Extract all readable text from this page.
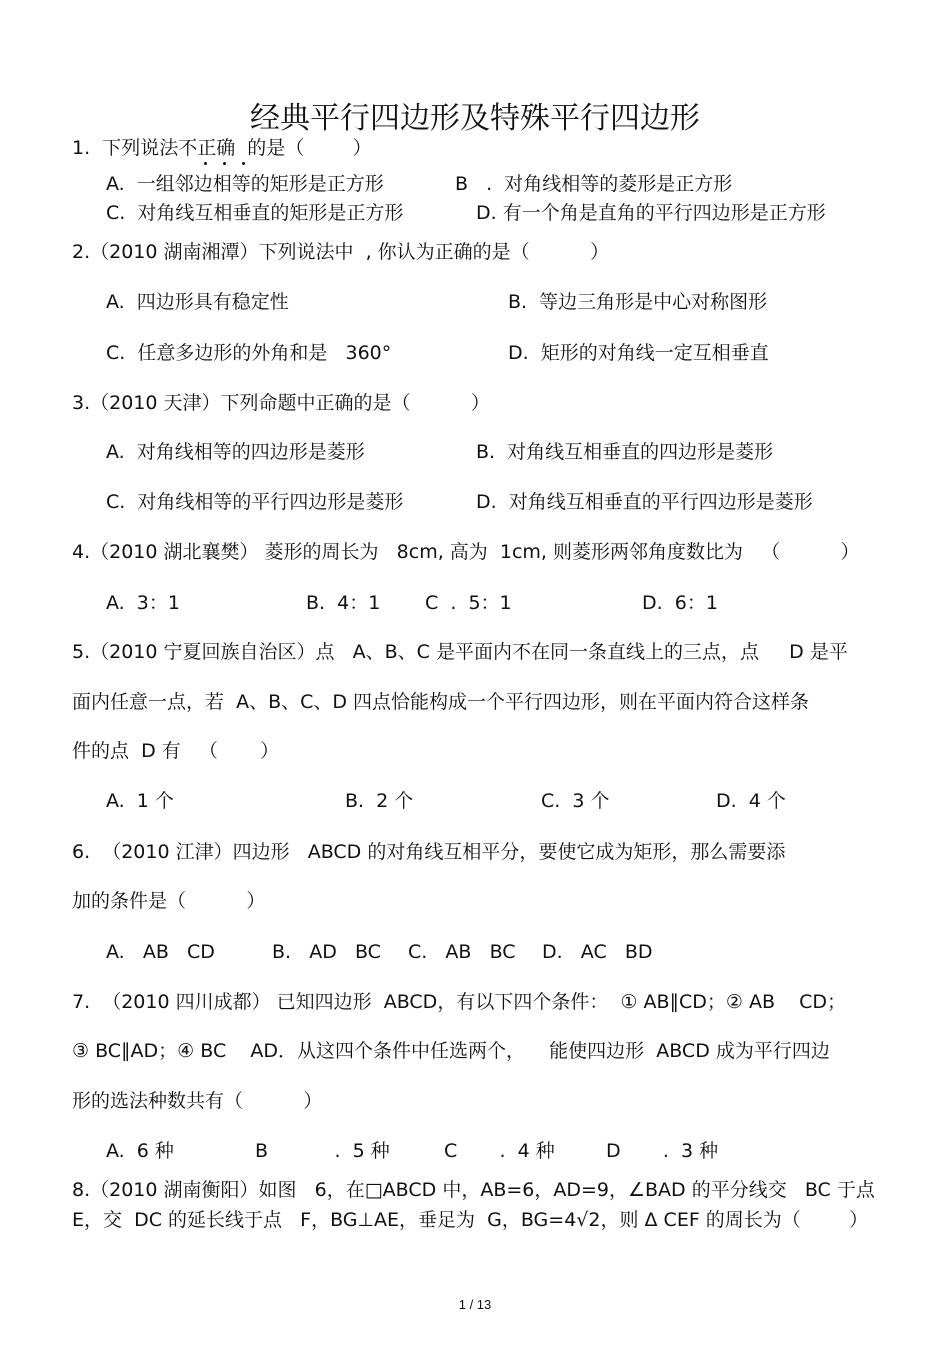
经典平行四边形及特殊平行四边形
1.  下列说法不正确  的是（        ）
A.  一组邻边相等的矩形是正方形	B   .  对角线相等的菱形是正方形
C.  对角线互相垂直的矩形是正方形	D. 有一个角是直角的平行四边形是正方形
2.（2010 湖南湘潭）下列说法中  , 你认为正确的是（          ）
A.  四边形具有稳定性	B.  等边三角形是中心对称图形
C.  任意多边形的外角和是   360°	D.  矩形的对角线一定互相垂直
3.（2010 天津）下列命题中正确的是（          ）
A.  对角线相等的四边形是菱形	B.  对角线互相垂直的四边形是菱形
C.  对角线相等的平行四边形是菱形	D.  对角线互相垂直的平行四边形是菱形
4.（2010 湖北襄樊） 菱形的周长为   8cm, 高为  1cm, 则菱形两邻角度数比为   （          ）
A.  3：1	B.  4：1 C  .  5：1	D.  6：1
5.（2010 宁夏回族自治区）点   A、B、C 是平面内不在同一条直线上的三点，点     D 是平
面内任意一点，若  A、B、C、D 四点恰能构成一个平行四边形，则在平面内符合这样条
件的点  D 有   （       ）
A.  1 个	B.  2 个	C.  3 个	D.  4 个
6.  （2010 江津）四边形   ABCD 的对角线互相平分，要使它成为矩形，那么需要添
加的条件是（          ）
A.   AB   CD	B.   AD   BC C.   AB   BC D.   AC   BD
7.  （2010 四川成都） 已知四边形  ABCD，有以下四个条件：  ① AB∥CD；② AB    CD；
③ BC∥AD；④ BC    AD．从这四个条件中任选两个，    能使四边形  ABCD 成为平行四边
形的选法种数共有（          ）
A.  6 种	B           .  5 种	C       .  4 种	D       .  3 种
8.（2010 湖南衡阳）如图   6，在□ABCD 中，AB=6，AD=9，∠BAD 的平分线交   BC 于点
E，交  DC 的延长线于点   F，BG⊥AE，垂足为  G，BG=4√2，则 Δ CEF 的周长为（        ）
1 / 13
